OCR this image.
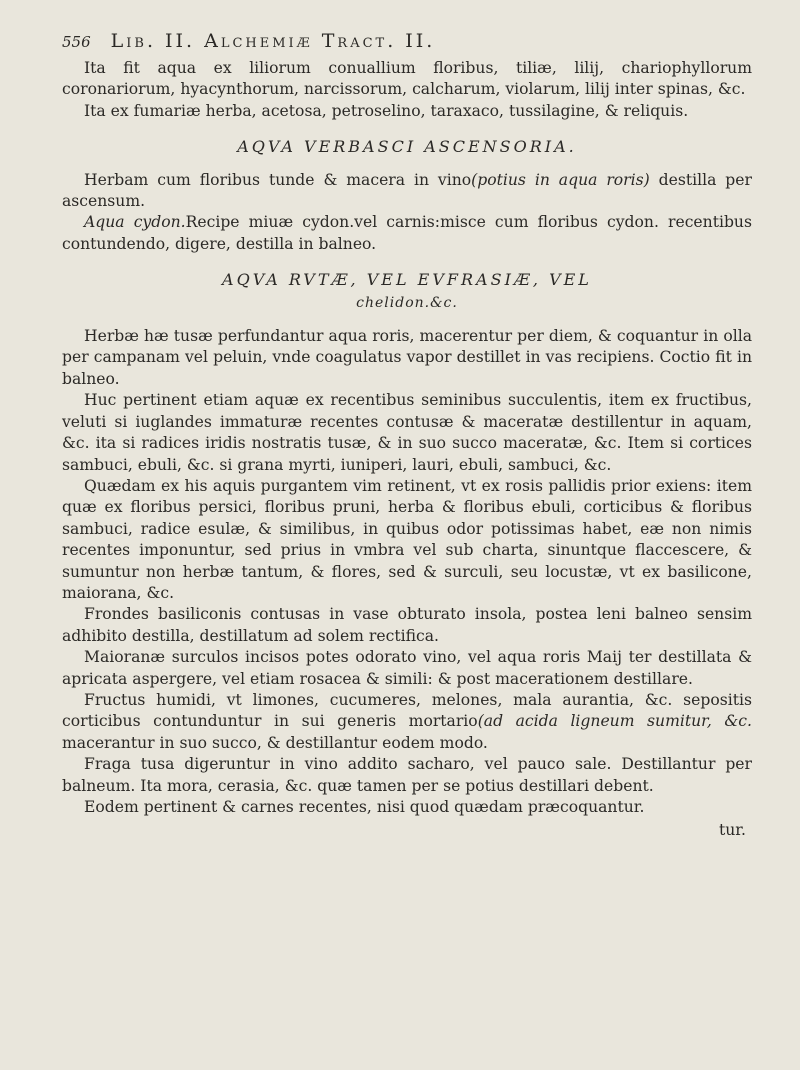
556 Lib. II. Alchemiæ Tract. II.

Ita fit aqua ex liliorum conuallium floribus, tiliæ, lilij, chariophyllorum coronariorum, hyacynthorum, narcissorum, calcharum, violarum, lilij inter spinas, &c.

Ita ex fumariæ herba, acetosa, petroselino, taraxaco, tussilagine, & reliquis.

AQVA VERBASCI ASCENSORIA.

Herbam cum floribus tunde & macera in vino(potius in aqua roris) destilla per ascensum.

Aqua cydon.Recipe miuæ cydon.vel carnis:misce cum floribus cydon. recentibus contundendo, digere, destilla in balneo.

AQVA RVTÆ, VEL EVFRASIÆ, VEL
chelidon.&c.

Herbæ hæ tusæ perfundantur aqua roris, macerentur per diem, & coquantur in olla per campanam vel peluin, vnde coagulatus vapor destillet in vas recipiens. Coctio fit in balneo.

Huc pertinent etiam aquæ ex recentibus seminibus succulentis, item ex fructibus, veluti si iuglandes immaturæ recentes contusæ & maceratæ destillentur in aquam, &c. ita si radices iridis nostratis tusæ, & in suo succo maceratæ, &c. Item si cortices sambuci, ebuli, &c. si grana myrti, iuniperi, lauri, ebuli, sambuci, &c.

Quædam ex his aquis purgantem vim retinent, vt ex rosis pallidis prior exiens: item quæ ex floribus persici, floribus pruni, herba & floribus ebuli, corticibus & floribus sambuci, radice esulæ, & similibus, in quibus odor potissimas habet, eæ non nimis recentes imponuntur, sed prius in vmbra vel sub charta, sinuntque flaccescere, & sumuntur non herbæ tantum, & flores, sed & surculi, seu locustæ, vt ex basilicone, maiorana, &c.

Frondes basiliconis contusas in vase obturato insola, postea leni balneo sensim adhibito destilla, destillatum ad solem rectifica.

Maioranæ surculos incisos potes odorato vino, vel aqua roris Maij ter destillata & apricata aspergere, vel etiam rosacea & simili: & post macerationem destillare.

Fructus humidi, vt limones, cucumeres, melones, mala aurantia, &c. sepositis corticibus contunduntur in sui generis mortario(ad acida ligneum sumitur, &c. macerantur in suo succo, & destillantur eodem modo.

Fraga tusa digeruntur in vino addito sacharo, vel pauco sale. Destillantur per balneum. Ita mora, cerasia, &c. quæ tamen per se potius destillari debent.

Eodem pertinent & carnes recentes, nisi quod quædam præcoquantur.

tur.
